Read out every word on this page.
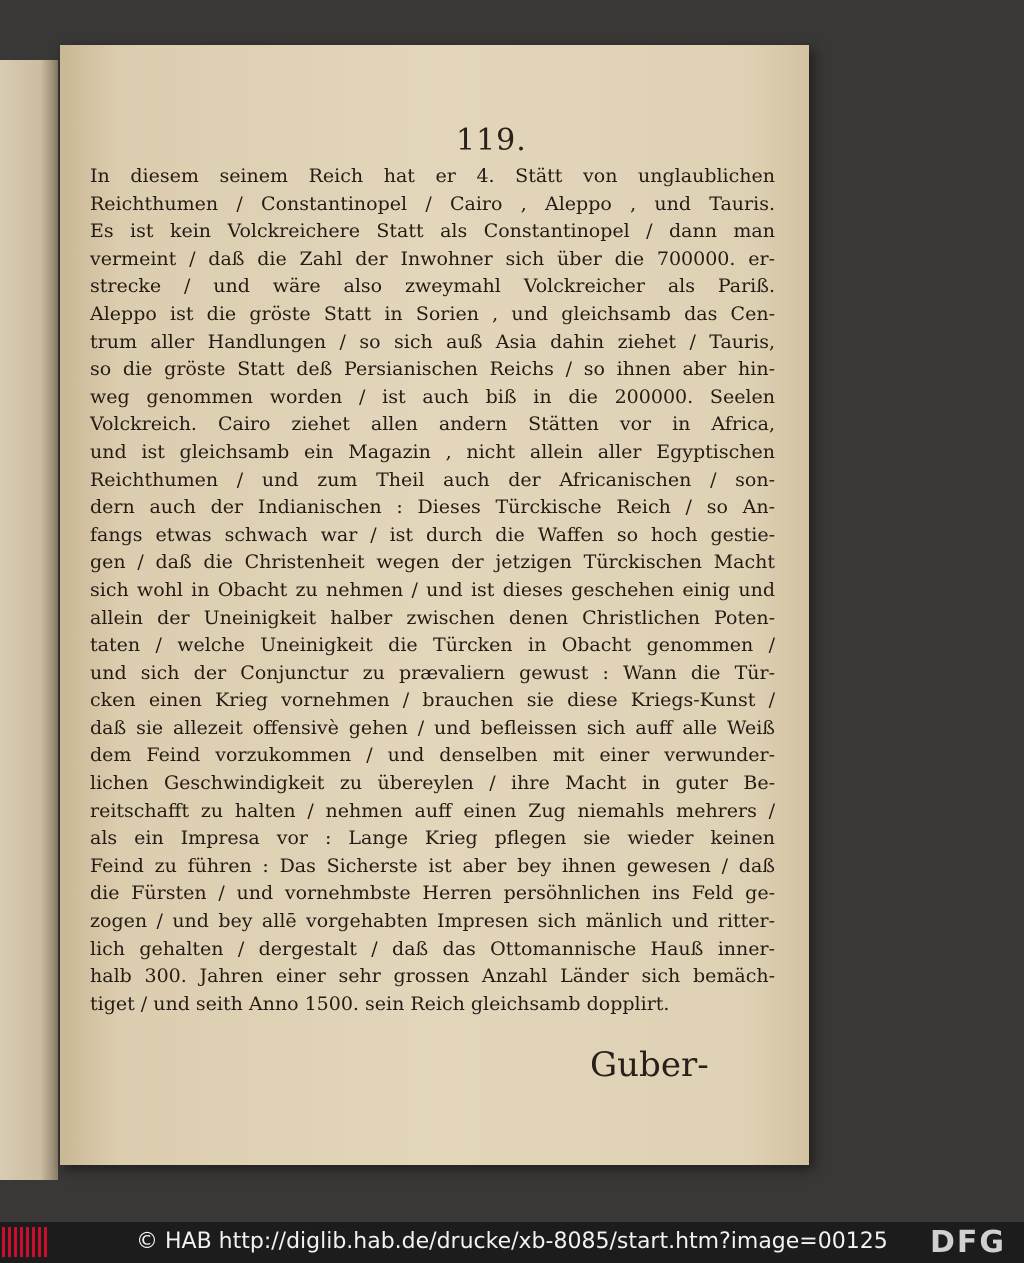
119.
In diesem seinem Reich hat er 4. Stätt von unglaublichen
Reichthumen / Constantinopel / Cairo , Aleppo , und Tauris.
Es ist kein Volckreichere Statt als Constantinopel / dann man
vermeint / daß die Zahl der Inwohner sich über die 700000. er-
strecke / und wäre also zweymahl Volckreicher als Pariß.
Aleppo ist die gröste Statt in Sorien , und gleichsamb das Cen-
trum aller Handlungen / so sich auß Asia dahin ziehet / Tauris,
so die gröste Statt deß Persianischen Reichs / so ihnen aber hin-
weg genommen worden / ist auch biß in die 200000. Seelen
Volckreich. Cairo ziehet allen andern Stätten vor in Africa,
und ist gleichsamb ein Magazin , nicht allein aller Egyptischen
Reichthumen / und zum Theil auch der Africanischen / son-
dern auch der Indianischen : Dieses Türckische Reich / so An-
fangs etwas schwach war / ist durch die Waffen so hoch gestie-
gen / daß die Christenheit wegen der jetzigen Türckischen Macht
sich wohl in Obacht zu nehmen / und ist dieses geschehen einig und
allein der Uneinigkeit halber zwischen denen Christlichen Poten-
taten / welche Uneinigkeit die Türcken in Obacht genommen /
und sich der Conjunctur zu prævaliern gewust : Wann die Tür-
cken einen Krieg vornehmen / brauchen sie diese Kriegs-Kunst /
daß sie allezeit offensivè gehen / und befleissen sich auff alle Weiß
dem Feind vorzukommen / und denselben mit einer verwunder-
lichen Geschwindigkeit zu übereylen / ihre Macht in guter Be-
reitschafft zu halten / nehmen auff einen Zug niemahls mehrers /
als ein Impresa vor : Lange Krieg pflegen sie wieder keinen
Feind zu führen : Das Sicherste ist aber bey ihnen gewesen / daß
die Fürsten / und vornehmbste Herren persöhnlichen ins Feld ge-
zogen / und bey allē vorgehabten Impresen sich mänlich und ritter-
lich gehalten / dergestalt / daß das Ottomannische Hauß inner-
halb 300. Jahren einer sehr grossen Anzahl Länder sich bemäch-
tiget / und seith Anno 1500. sein Reich gleichsamb dopplirt.
Guber-
© HAB http://diglib.hab.de/drucke/xb-8085/start.htm?image=00125 DFG
